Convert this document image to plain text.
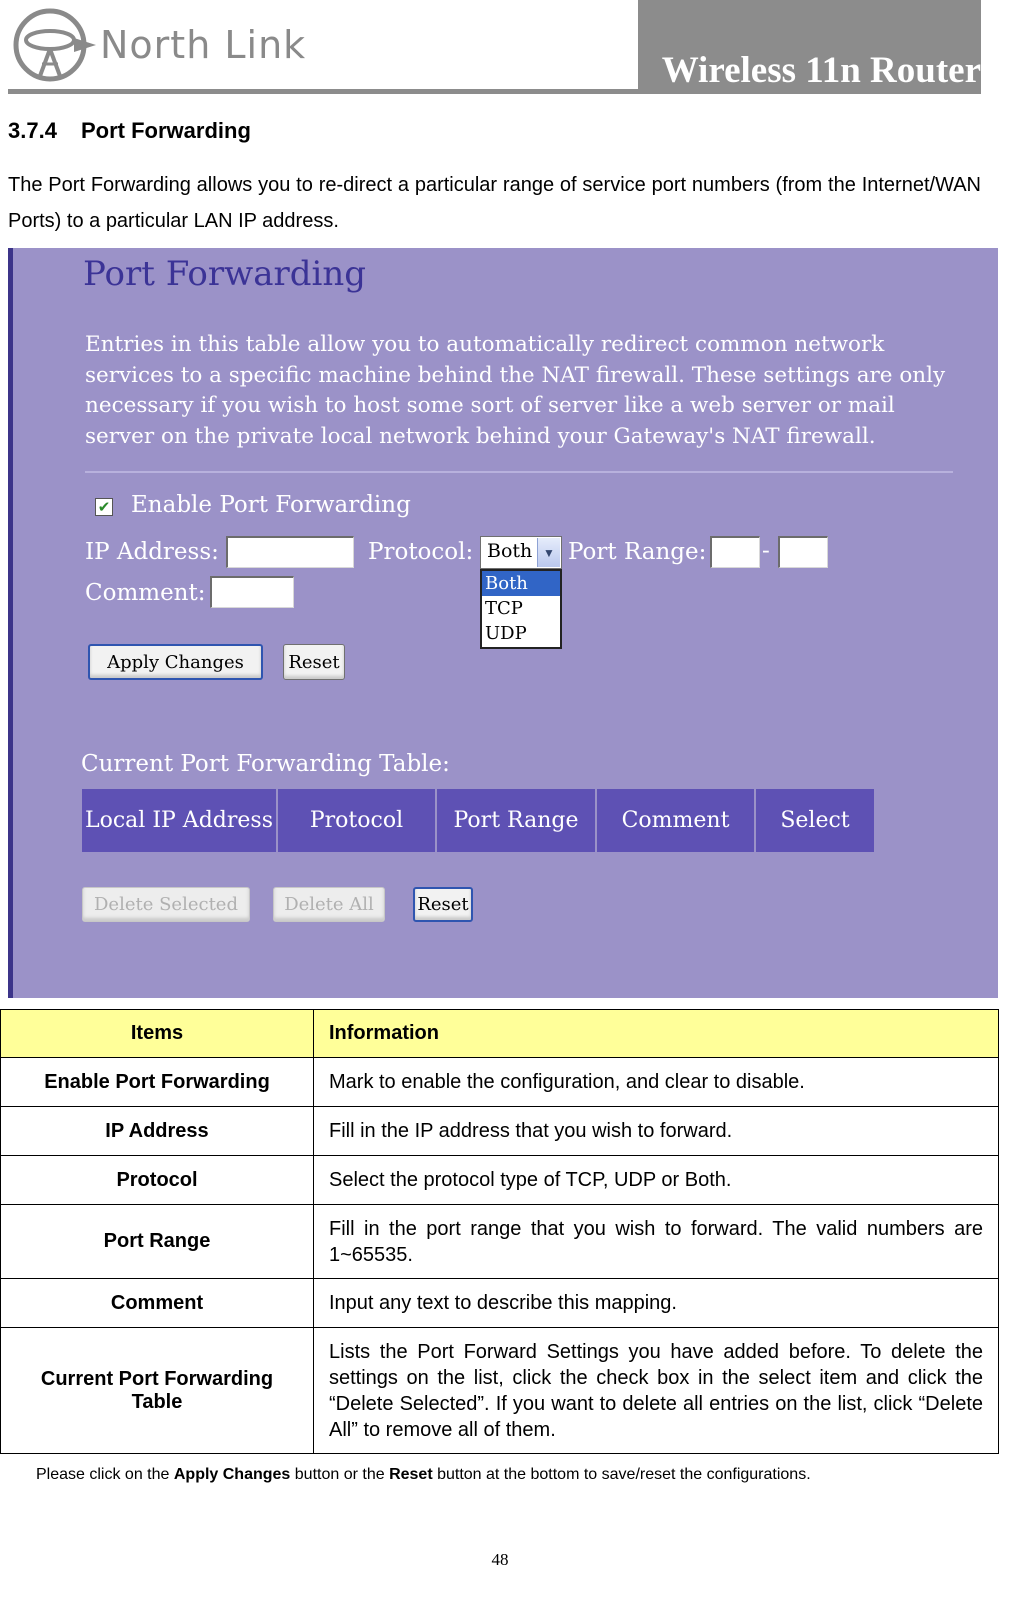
North Link
Wireless 11n Router
3.7.4 Port Forwarding
The Port Forwarding allows you to re-direct a particular range of service port numbers (from the Internet/WAN Ports) to a particular LAN IP address.
Port Forwarding
Entries in this table allow you to automatically redirect common network services to a specific machine behind the NAT firewall. These settings are only necessary if you wish to host some sort of server like a web server or mail server on the private local network behind your Gateway's NAT firewall.
✔ Enable Port Forwarding
IP Address:	Protocol: Both ▼
Both
TCP
UDP
Port Range: -
Comment:
Apply Changes	Reset
Current Port Forwarding Table:
Local IP Address	Protocol	Port Range	Comment	Select
Delete Selected	Delete All	Reset
Items	Information
Enable Port Forwarding	Mark to enable the configuration, and clear to disable.
IP Address	Fill in the IP address that you wish to forward.
Protocol	Select the protocol type of TCP, UDP or Both.
Port Range	Fill in the port range that you wish to forward. The valid numbers are 1~65535.
Comment	Input any text to describe this mapping.
Current Port Forwarding Table	Lists the Port Forward Settings you have added before. To delete the settings on the list, click the check box in the select item and click the “Delete Selected”. If you want to delete all entries on the list, click “Delete All” to remove all of them.
Please click on the Apply Changes button or the Reset button at the bottom to save/reset the configurations.
48
